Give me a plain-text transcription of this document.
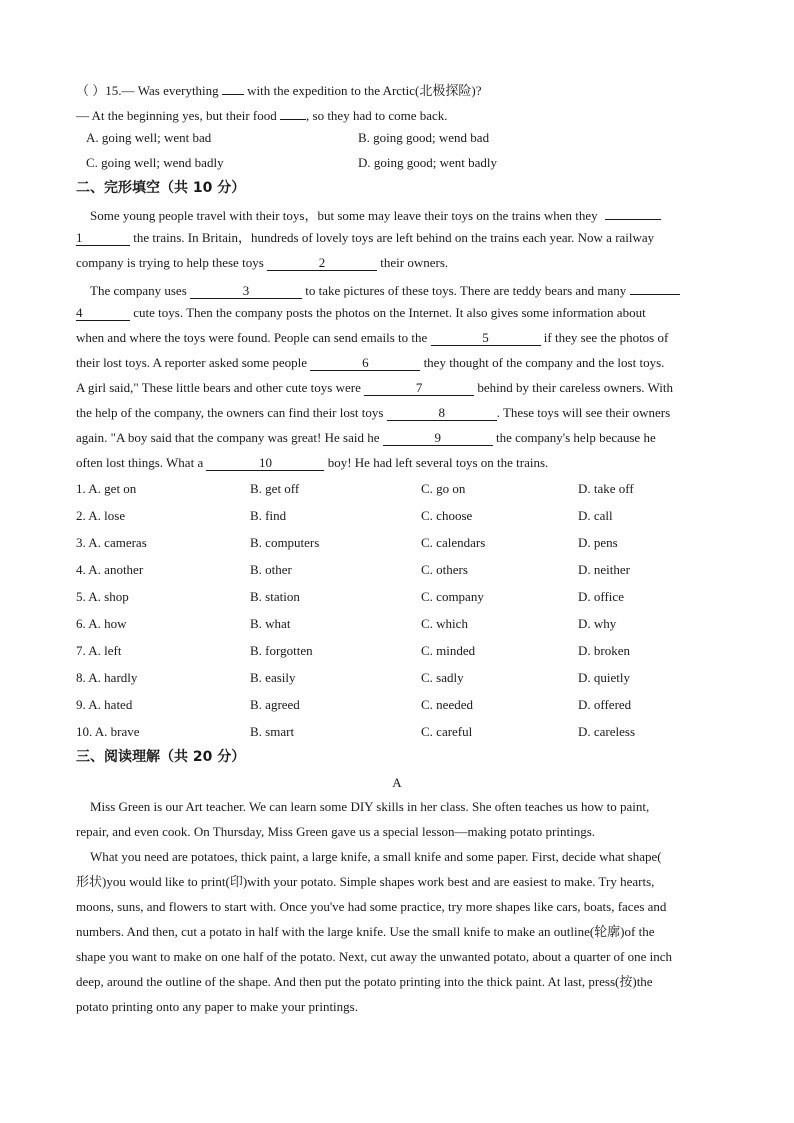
（ ）15.— Was everything with the expedition to the Arctic(北极探险)?
— At the beginning yes, but their food , so they had to come back.
A. going well; went bad	B. going good; wend bad
C. going well; wend badly	D. going good; went badly
二、完形填空（共 10 分）
Some young people travel with their toys，but some may leave their toys on the trains when they
1	the trains. In Britain，hundreds of lovely toys are left behind on the trains each year. Now a railway
company is trying to help these toys	2	their owners.
The company uses	3	to take pictures of these toys. There are teddy bears and many
4	cute toys. Then the company posts the photos on the Internet. It also gives some information about
when and where the toys were found. People can send emails to the	5	if they see the photos of
their lost toys. A reporter asked some people	6	they thought of the company and the lost toys.
A girl said," These little bears and other cute toys were	7	behind by their careless owners. With
the help of the company, the owners can find their lost toys	8	. These toys will see their owners
again. "A boy said that the company was great! He said he	9	the company's help because he
often lost things. What a	10	boy! He had left several toys on the trains.
1. A. get on	B. get off	C. go on	D. take off
2. A. lose	B. find	C. choose	D. call
3. A. cameras	B. computers	C. calendars	D. pens
4. A. another	B. other	C. others	D. neither
5. A. shop	B. station	C. company	D. office
6. A. how	B. what	C. which	D. why
7. A. left	B. forgotten	C. minded	D. broken
8. A. hardly	B. easily	C. sadly	D. quietly
9. A. hated	B. agreed	C. needed	D. offered
10. A. brave	B. smart	C. careful	D. careless
三、阅读理解（共 20 分）
A
Miss Green is our Art teacher. We can learn some DIY skills in her class. She often teaches us how to paint,
repair, and even cook. On Thursday, Miss Green gave us a special lesson—making potato printings.
What you need are potatoes, thick paint, a large knife, a small knife and some paper. First, decide what shape(
形状)you would like to print(印)with your potato. Simple shapes work best and are easiest to make. Try hearts,
moons, suns, and flowers to start with. Once you've had some practice, try more shapes like cars, boats, faces and
numbers. And then, cut a potato in half with the large knife. Use the small knife to make an outline(轮廓)of the
shape you want to make on one half of the potato. Next, cut away the unwanted potato, about a quarter of one inch
deep, around the outline of the shape. And then put the potato printing into the thick paint. At last, press(按)the
potato printing onto any paper to make your printings.
